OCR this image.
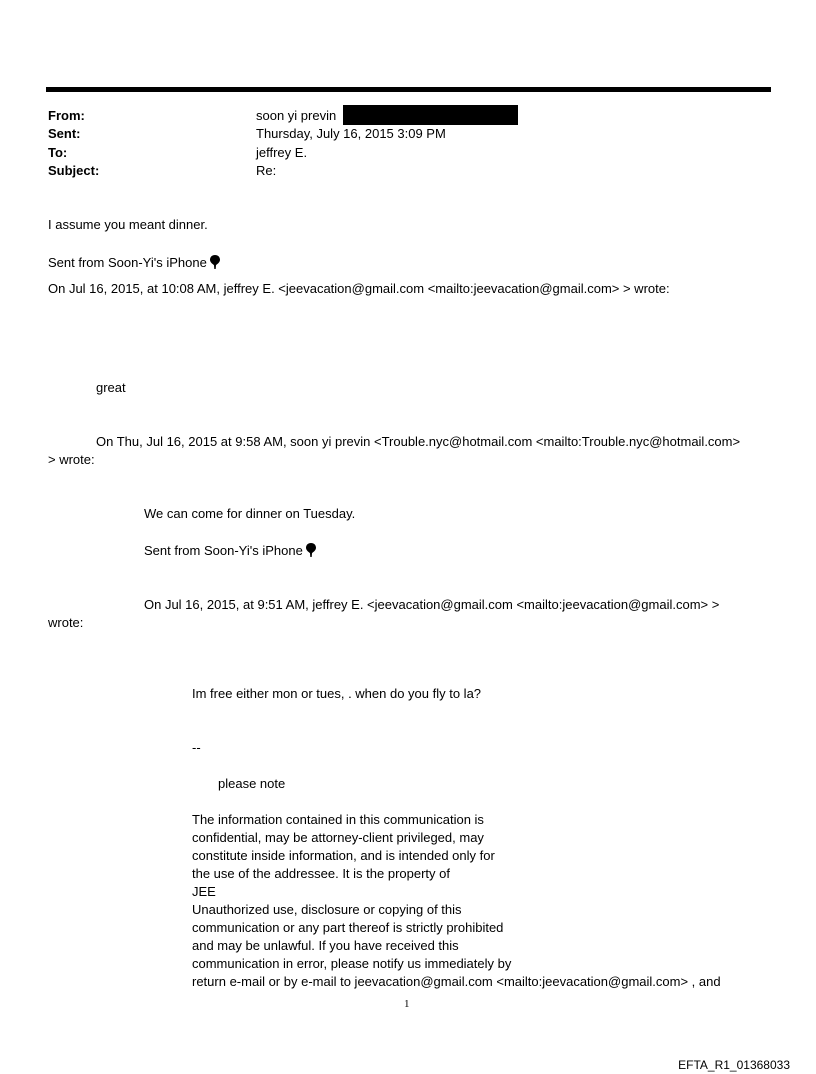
From:	soon yi previn
Sent:	Thursday, July 16, 2015 3:09 PM
To:	jeffrey E.
Subject:	Re:
I assume you meant dinner.
Sent from Soon-Yi's iPhone
On Jul 16, 2015, at 10:08 AM, jeffrey E. <jeevacation@gmail.com <mailto:jeevacation@gmail.com> > wrote:
great
On Thu, Jul 16, 2015 at 9:58 AM, soon yi previn <Trouble.nyc@hotmail.com <mailto:Trouble.nyc@hotmail.com>
> wrote:
We can come for dinner on Tuesday.
Sent from Soon-Yi's iPhone
On Jul 16, 2015, at 9:51 AM, jeffrey E. <jeevacation@gmail.com <mailto:jeevacation@gmail.com> >
wrote:
Im free either mon or tues, . when do you fly to la?
--
please note
The information contained in this communication is
confidential, may be attorney-client privileged, may
constitute inside information, and is intended only for
the use of the addressee. It is the property of
JEE
Unauthorized use, disclosure or copying of this
communication or any part thereof is strictly prohibited
and may be unlawful. If you have received this
communication in error, please notify us immediately by
return e-mail or by e-mail to jeevacation@gmail.com <mailto:jeevacation@gmail.com> , and
1
EFTA_R1_01368033
